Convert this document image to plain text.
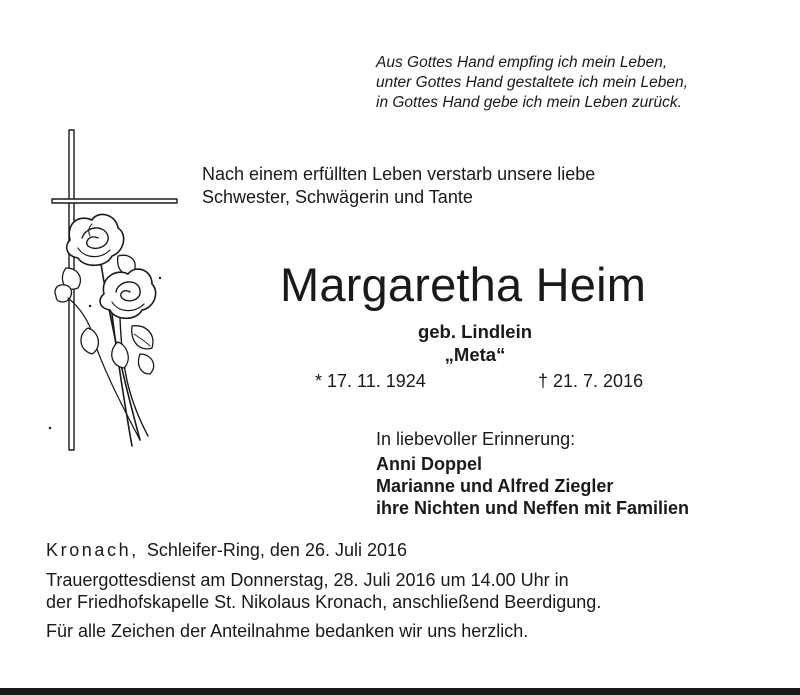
Aus Gottes Hand empfing ich mein Leben,
unter Gottes Hand gestaltete ich mein Leben,
in Gottes Hand gebe ich mein Leben zurück.
Nach einem erfüllten Leben verstarb unsere liebe
Schwester, Schwägerin und Tante
Margaretha Heim
geb. Lindlein
„Meta“
* 17. 11. 1924	† 21. 7. 2016
In liebevoller Erinnerung:
Anni Doppel
Marianne und Alfred Ziegler
ihre Nichten und Neffen mit Familien
Kronach, Schleifer-Ring, den 26. Juli 2016
Trauergottesdienst am Donnerstag, 28. Juli 2016 um 14.00 Uhr in
der Friedhofskapelle St. Nikolaus Kronach, anschließend Beerdigung.
Für alle Zeichen der Anteilnahme bedanken wir uns herzlich.
